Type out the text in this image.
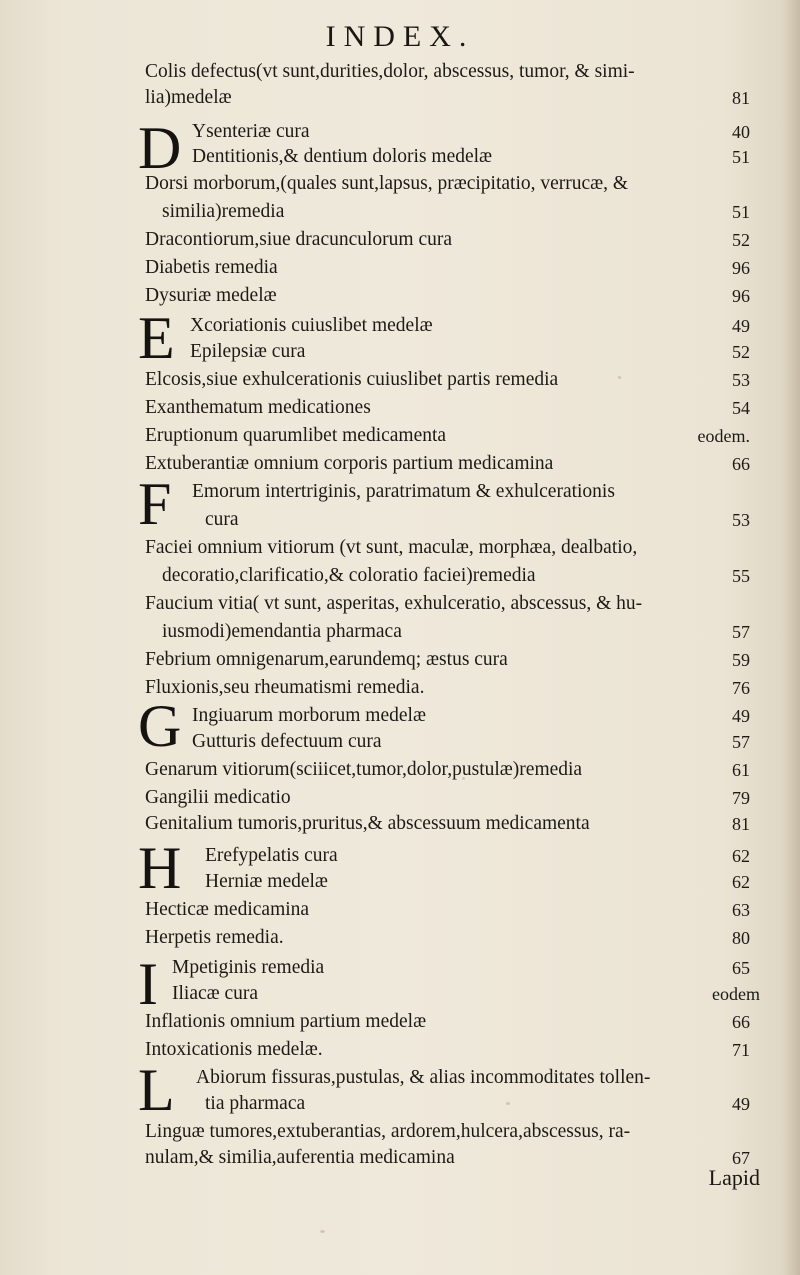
INDEX.
D
E
F
G
H
I
L
Colis defectus(vt sunt,durities,dolor, abscessus, tumor, & simi-
lia)medelæ	81
Ysenteriæ cura	40
Dentitionis,& dentium doloris medelæ	51
Dorsi morborum,(quales sunt,lapsus, præcipitatio, verrucæ, &
similia)remedia	51
Dracontiorum,siue dracunculorum cura	52
Diabetis remedia	96
Dysuriæ medelæ	96
Xcoriationis cuiuslibet medelæ	49
Epilepsiæ cura	52
Elcosis,siue exhulcerationis cuiuslibet partis remedia	53
Exanthematum medicationes	54
Eruptionum quarumlibet medicamenta	eodem.
Extuberantiæ omnium corporis partium medicamina	66
Emorum intertriginis, paratrimatum & exhulcerationis
cura	53
Faciei omnium vitiorum (vt sunt, maculæ, morphæa, dealbatio,
decoratio,clarificatio,& coloratio faciei)remedia	55
Faucium vitia( vt sunt, asperitas, exhulceratio, abscessus, & hu-
iusmodi)emendantia pharmaca	57
Febrium omnigenarum,earundemq; æstus cura	59
Fluxionis,seu rheumatismi remedia.	76
Ingiuarum morborum medelæ	49
Gutturis defectuum cura	57
Genarum vitiorum(sciiicet,tumor,dolor,pustulæ)remedia	61
Gangilii medicatio	79
Genitalium tumoris,pruritus,& abscessuum medicamenta	81
Erefypelatis cura	62
Herniæ medelæ	62
Hecticæ medicamina	63
Herpetis remedia.	80
Mpetiginis remedia	65
Iliacæ cura	eodem
Inflationis omnium partium medelæ	66
Intoxicationis medelæ.	71
Abiorum fissuras,pustulas, & alias incommoditates tollen-
tia pharmaca	49
Linguæ tumores,extuberantias, ardorem,hulcera,abscessus, ra-
nulam,& similia,auferentia medicamina	67
Lapid
